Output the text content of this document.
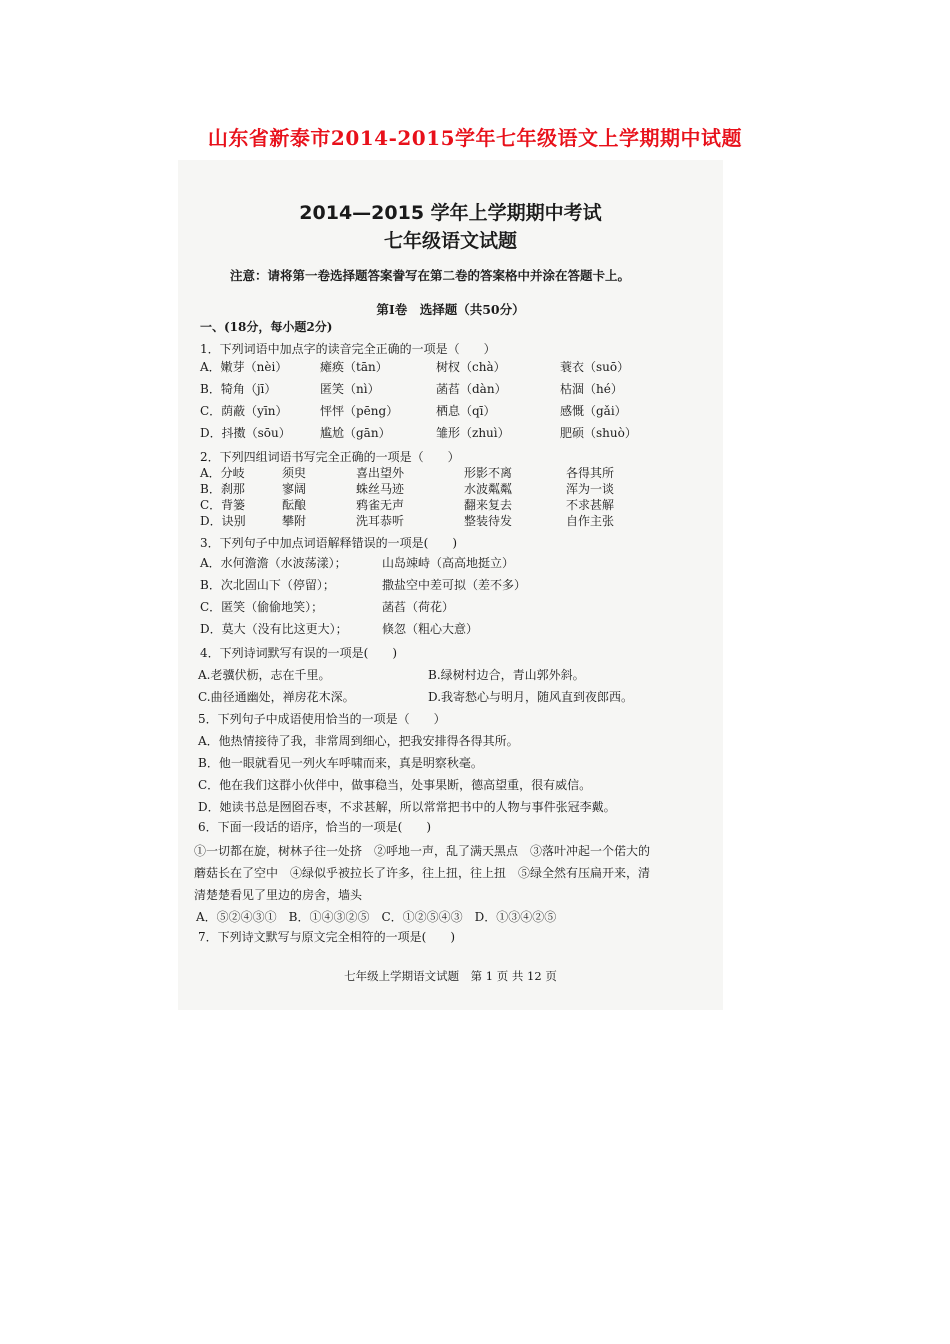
山东省新泰市2014-2015学年七年级语文上学期期中试题
2014—2015 学年上学期期中考试
七年级语文试题
注意：请将第一卷选择题答案誊写在第二卷的答案格中并涂在答题卡上。
第Ⅰ卷　选择题（共50分）
一、(18分，每小题2分)
1．下列词语中加点字的读音完全正确的一项是（　　）
A．嫩芽（nèi）	瘫痪（tān）	树杈（chà）	蓑衣（suō）
B．犄角（jī）	匿笑（nì）	菡萏（dàn）	枯涸（hé）
C．荫蔽（yīn）	怦怦（pēng）	栖息（qī）	感慨（gǎi）
D．抖擞（sōu） 尴尬（gān）	雏形（zhuì）	肥硕（shuò）
2．下列四组词语书写完全正确的一项是（　　）
A．分岐	须臾	喜出望外	形影不离	各得其所
B．刹那	寥阔	蛛丝马迹	水波粼粼	浑为一谈
C．背篓	酝酿	鸦雀无声	翻来复去	不求甚解
D．诀别	攀附	洗耳恭听	整装待发	自作主张
3．下列句子中加点词语解释错误的一项是(　　)
A．水何澹澹（水波荡漾）；	山岛竦峙（高高地挺立）
B．次北固山下（停留）；	撒盐空中差可拟（差不多）
C．匿笑（偷偷地笑）；	菡萏（荷花）
D．莫大（没有比这更大）；	倏忽（粗心大意）
4．下列诗词默写有误的一项是(　　)
A.老骥伏枥，志在千里。	B.绿树村边合，青山郭外斜。
C.曲径通幽处，禅房花木深。	D.我寄愁心与明月，随风直到夜郎西。
5．下列句子中成语使用恰当的一项是（　　）
A．他热情接待了我，非常周到细心，把我安排得各得其所。
B．他一眼就看见一列火车呼啸而来，真是明察秋毫。
C．他在我们这群小伙伴中，做事稳当，处事果断，德高望重，很有威信。
D．她读书总是囫囵吞枣，不求甚解，所以常常把书中的人物与事件张冠李戴。
6．下面一段话的语序，恰当的一项是(　　)
①一切都在旋，树林子往一处挤　②呼地一声，乱了满天黑点　③落叶冲起一个偌大的
蘑菇长在了空中　④绿似乎被拉长了许多，往上扭，往上扭　⑤绿全然有压扁开来，清
清楚楚看见了里边的房舍，墙头
A．⑤②④③①　B．①④③②⑤　C．①②⑤④③　D．①③④②⑤
7．下列诗文默写与原文完全相符的一项是(　　)
七年级上学期语文试题　第 1 页 共 12 页
